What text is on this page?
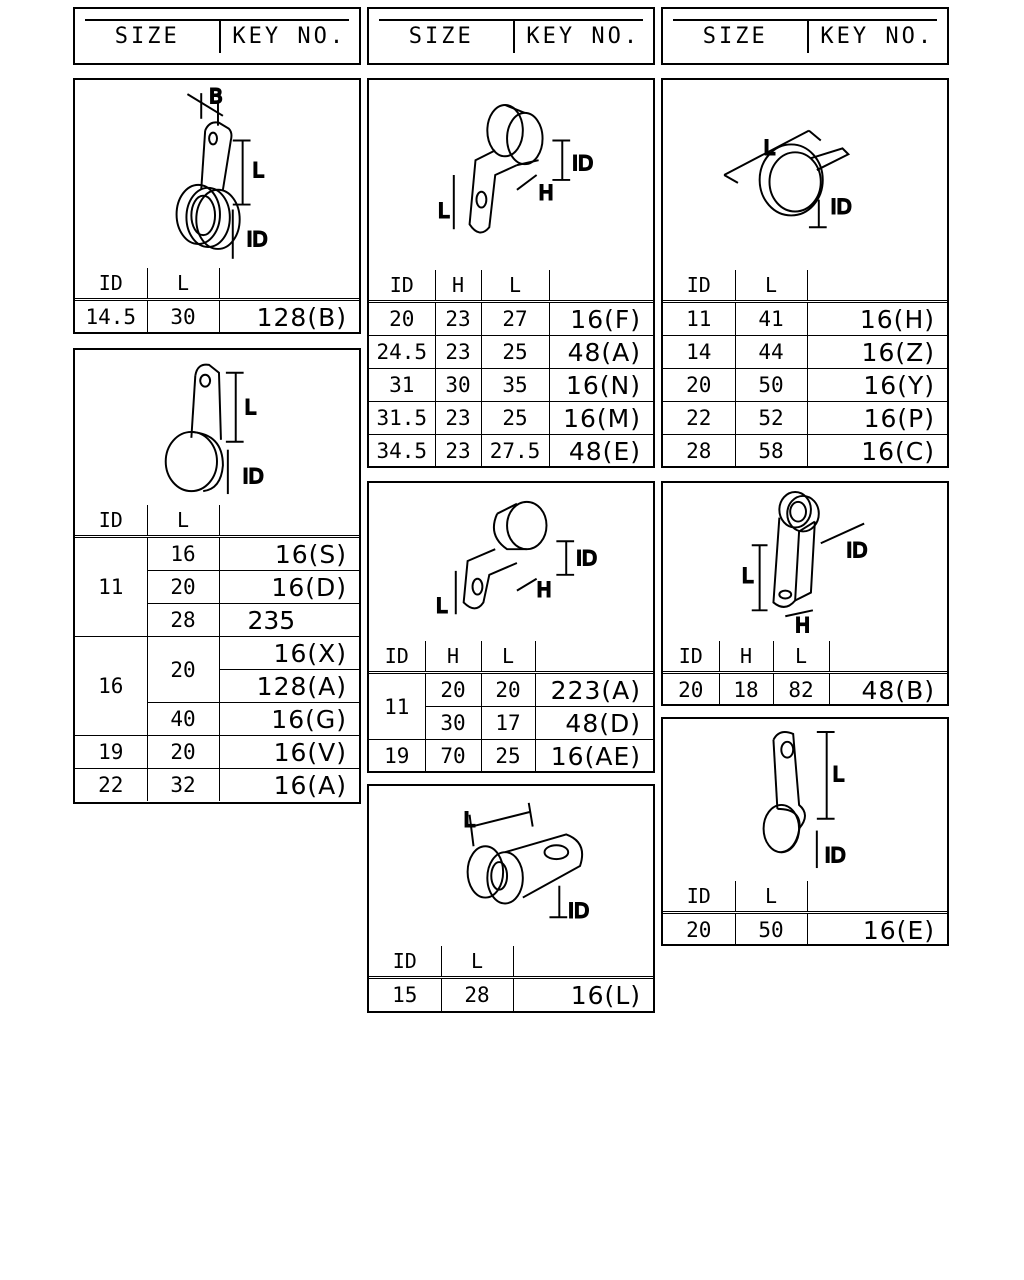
SIZE	KEY NO.	SIZE	KEY NO.	SIZE	KEY NO.
B
L
ID
ID	L	
14.5	30	128(B)
L
ID
ID	L	
11	16	16(S)
	20	16(D)
	28	235
16	20	16(X)
		128(A)
	40	16(G)
19	20	16(V)
22	32	16(A)
ID
H
L
ID	H	L	
20	23	27	16(F)
24.5	23	25	48(A)
31	30	35	16(N)
31.5	23	25	16(M)
34.5	23	27.5	48(E)
ID
H
L
ID	H	L	
11	20	20	223(A)
	30	17	48(D)
19	70	25	16(AE)
L
ID
ID	L	
15	28	16(L)
L
ID
ID	L	
11	41	16(H)
14	44	16(Z)
20	50	16(Y)
22	52	16(P)
28	58	16(C)
L
ID
H
ID	H	L	
20	18	82	48(B)
L
ID
ID	L	
20	50	16(E)
